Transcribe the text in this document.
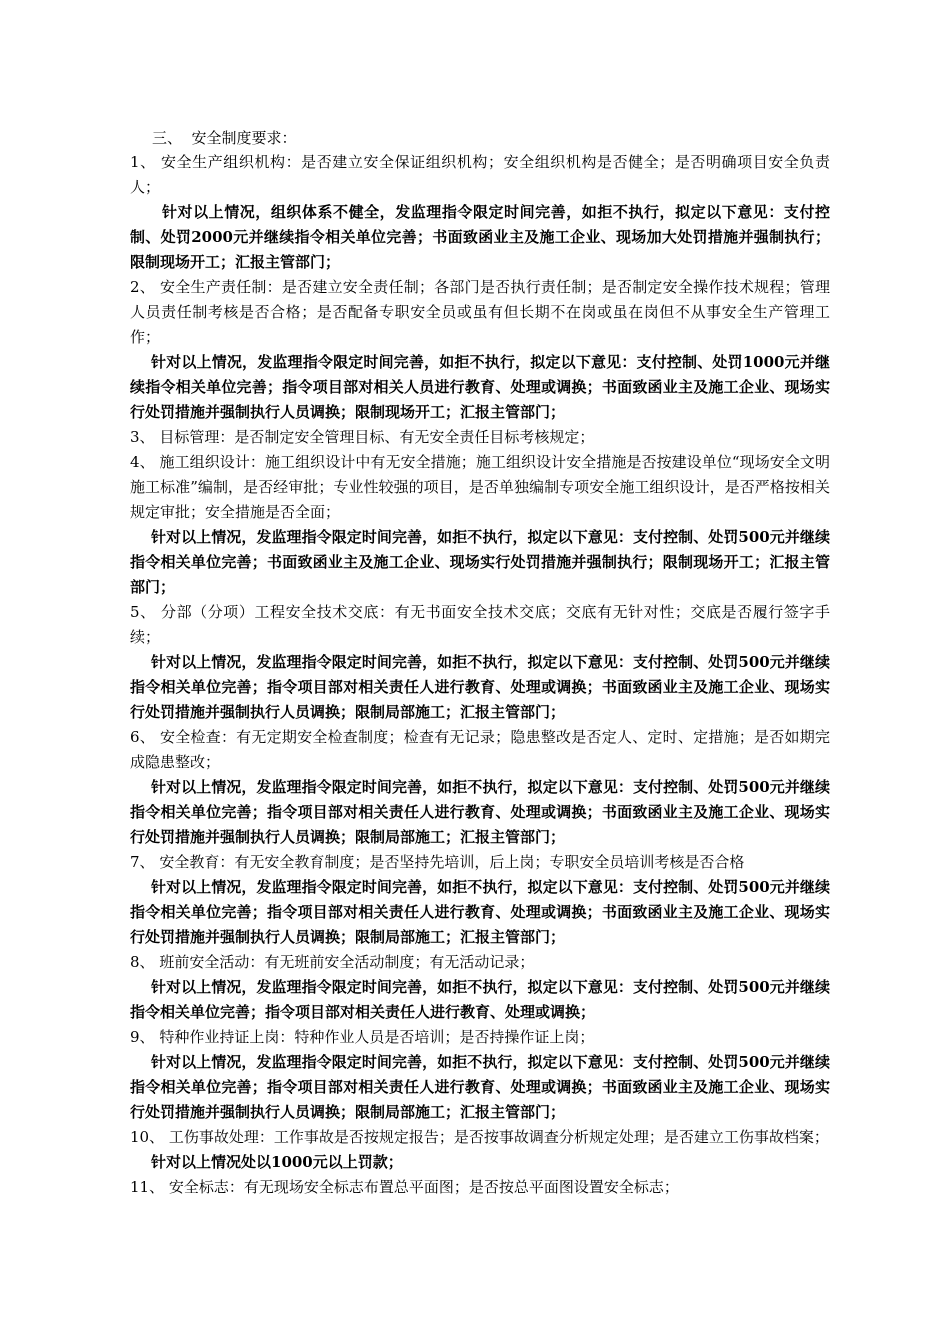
三、  安全制度要求：

1、 安全生产组织机构：是否建立安全保证组织机构；安全组织机构是否健全；是否明确项目安全负责人；

针对以上情况，组织体系不健全，发监理指令限定时间完善，如拒不执行，拟定以下意见：支付控制、处罚2000元并继续指令相关单位完善；书面致函业主及施工企业、现场加大处罚措施并强制执行；限制现场开工；汇报主管部门；

2、 安全生产责任制：是否建立安全责任制；各部门是否执行责任制；是否制定安全操作技术规程；管理人员责任制考核是否合格；是否配备专职安全员或虽有但长期不在岗或虽在岗但不从事安全生产管理工作；

针对以上情况，发监理指令限定时间完善，如拒不执行，拟定以下意见：支付控制、处罚1000元并继续指令相关单位完善；指令项目部对相关人员进行教育、处理或调换；书面致函业主及施工企业、现场实行处罚措施并强制执行人员调换；限制现场开工；汇报主管部门；

3、 目标管理：是否制定安全管理目标、有无安全责任目标考核规定；

4、 施工组织设计：施工组织设计中有无安全措施；施工组织设计安全措施是否按建设单位“现场安全文明施工标准”编制，是否经审批；专业性较强的项目，是否单独编制专项安全施工组织设计，是否严格按相关规定审批；安全措施是否全面；

针对以上情况，发监理指令限定时间完善，如拒不执行，拟定以下意见：支付控制、处罚500元并继续指令相关单位完善；书面致函业主及施工企业、现场实行处罚措施并强制执行；限制现场开工；汇报主管部门；

5、 分部（分项）工程安全技术交底：有无书面安全技术交底；交底有无针对性；交底是否履行签字手续；

针对以上情况，发监理指令限定时间完善，如拒不执行，拟定以下意见：支付控制、处罚500元并继续指令相关单位完善；指令项目部对相关责任人进行教育、处理或调换；书面致函业主及施工企业、现场实行处罚措施并强制执行人员调换；限制局部施工；汇报主管部门；

6、 安全检查：有无定期安全检查制度；检查有无记录；隐患整改是否定人、定时、定措施；是否如期完成隐患整改；

针对以上情况，发监理指令限定时间完善，如拒不执行，拟定以下意见：支付控制、处罚500元并继续指令相关单位完善；指令项目部对相关责任人进行教育、处理或调换；书面致函业主及施工企业、现场实行处罚措施并强制执行人员调换；限制局部施工；汇报主管部门；

7、 安全教育：有无安全教育制度；是否坚持先培训，后上岗；专职安全员培训考核是否合格

针对以上情况，发监理指令限定时间完善，如拒不执行，拟定以下意见：支付控制、处罚500元并继续指令相关单位完善；指令项目部对相关责任人进行教育、处理或调换；书面致函业主及施工企业、现场实行处罚措施并强制执行人员调换；限制局部施工；汇报主管部门；

8、 班前安全活动：有无班前安全活动制度；有无活动记录；

针对以上情况，发监理指令限定时间完善，如拒不执行，拟定以下意见：支付控制、处罚500元并继续指令相关单位完善；指令项目部对相关责任人进行教育、处理或调换；

9、 特种作业持证上岗：特种作业人员是否培训；是否持操作证上岗；

针对以上情况，发监理指令限定时间完善，如拒不执行，拟定以下意见：支付控制、处罚500元并继续指令相关单位完善；指令项目部对相关责任人进行教育、处理或调换；书面致函业主及施工企业、现场实行处罚措施并强制执行人员调换；限制局部施工；汇报主管部门；

10、 工伤事故处理：工作事故是否按规定报告；是否按事故调查分析规定处理；是否建立工伤事故档案；

针对以上情况处以1000元以上罚款；

11、 安全标志：有无现场安全标志布置总平面图；是否按总平面图设置安全标志；
